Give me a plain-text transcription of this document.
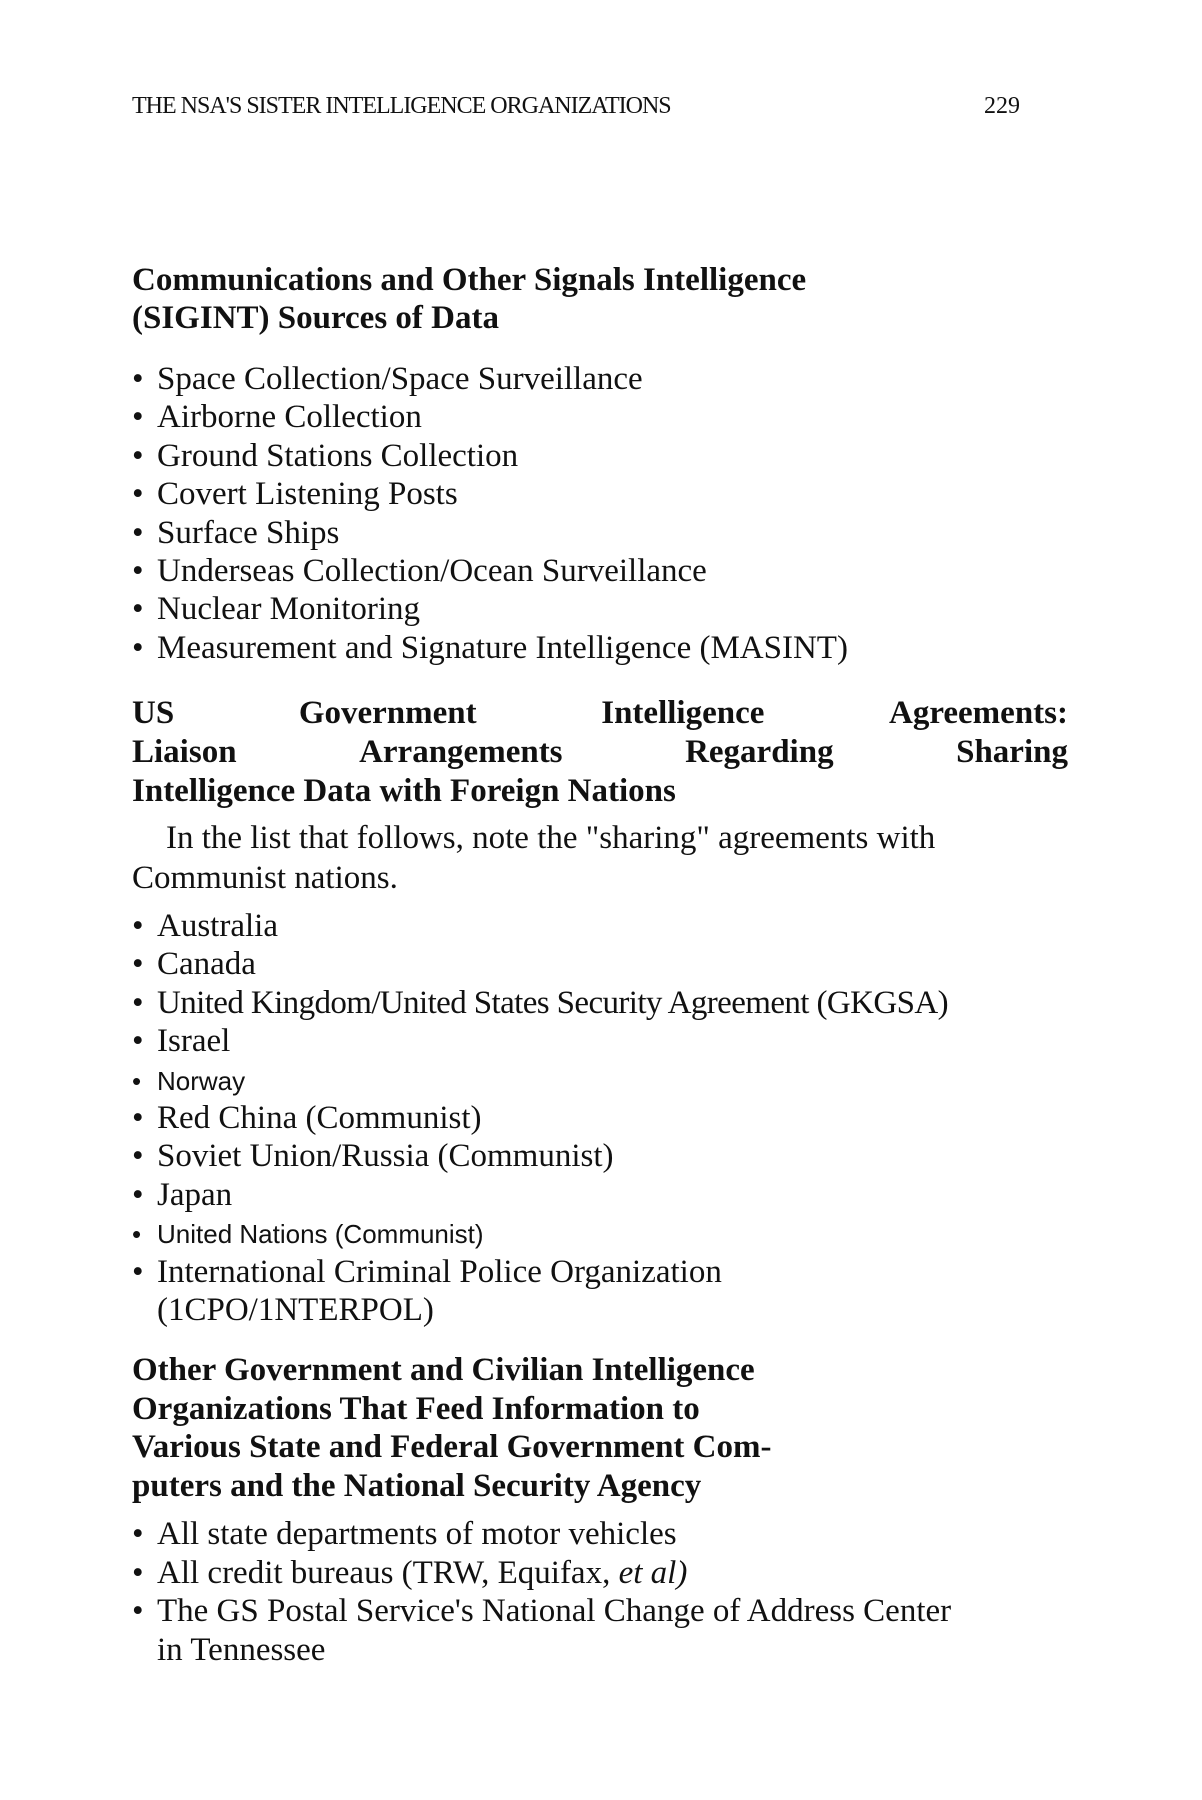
THE NSA'S SISTER INTELLIGENCE ORGANIZATIONS	229
Communications and Other Signals Intelligence
(SIGINT) Sources of Data
• Space Collection/Space Surveillance
• Airborne Collection
• Ground Stations Collection
• Covert Listening Posts
• Surface Ships
• Underseas Collection/Ocean Surveillance
• Nuclear Monitoring
• Measurement and Signature Intelligence (MASINT)
US	Government	Intelligence	Agreements:
Liaison	Arrangements	Regarding	Sharing
Intelligence Data with Foreign Nations
In the list that follows, note the "sharing" agreements with
Communist nations.
• Australia
• Canada
• United Kingdom/United States Security Agreement (GKGSA)
• Israel
• Norway
• Red China (Communist)
• Soviet Union/Russia (Communist)
• Japan
• United Nations (Communist)
• International Criminal Police Organization
(1CPO/1NTERPOL)
Other Government and Civilian Intelligence
Organizations That Feed Information to
Various State and Federal Government Com-
puters and the National Security Agency
• All state departments of motor vehicles
• All credit bureaus (TRW, Equifax, et al)
• The GS Postal Service's National Change of Address Center
in Tennessee
